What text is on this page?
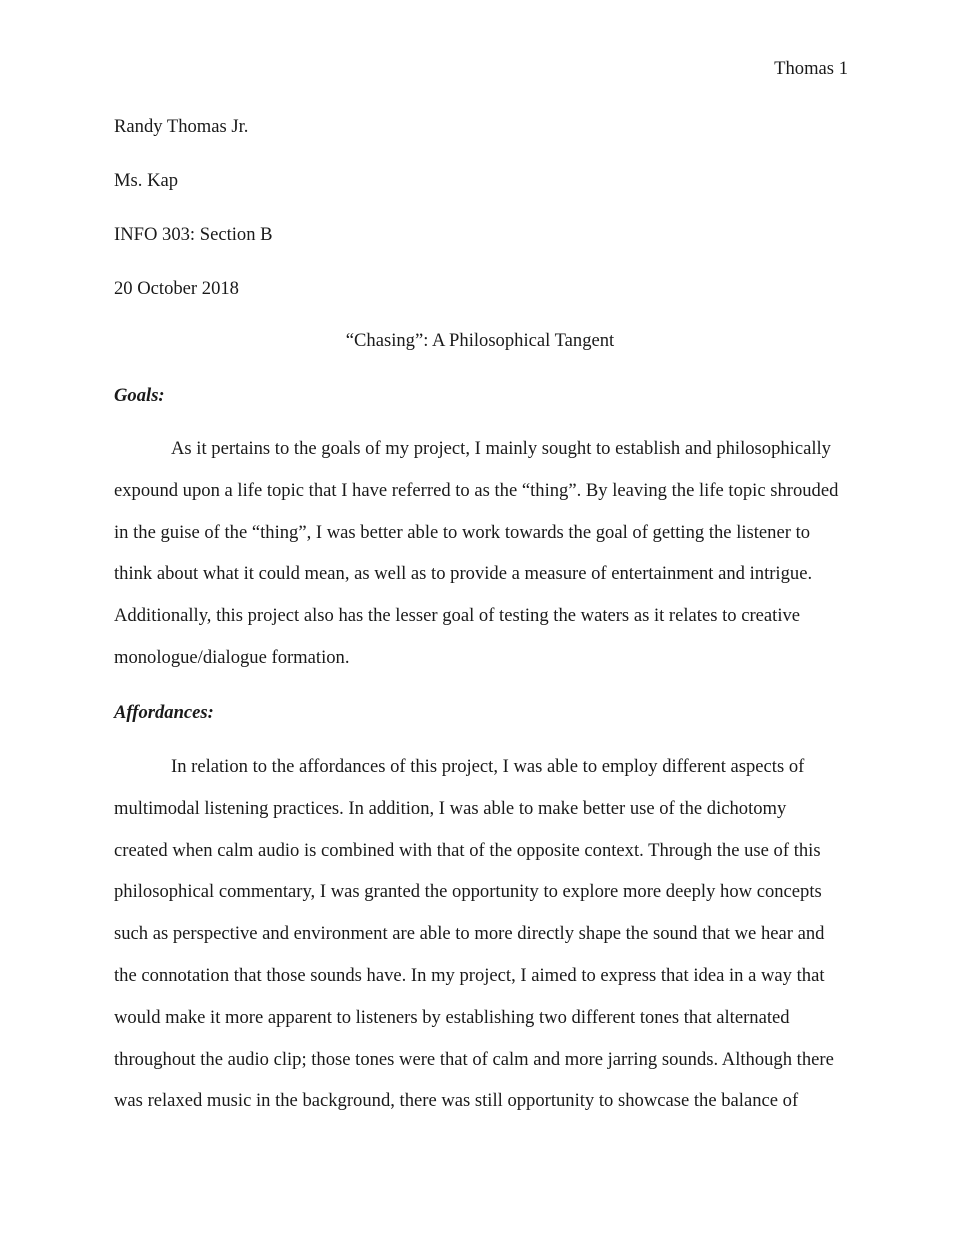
Thomas 1
Randy Thomas Jr.
Ms. Kap
INFO 303: Section B
20 October 2018
“Chasing”: A Philosophical Tangent
Goals:
As it pertains to the goals of my project, I mainly sought to establish and philosophically
expound upon a life topic that I have referred to as the “thing”. By leaving the life topic shrouded
in the guise of the “thing”, I was better able to work towards the goal of getting the listener to
think about what it could mean, as well as to provide a measure of entertainment and intrigue.
Additionally, this project also has the lesser goal of testing the waters as it relates to creative
monologue/dialogue formation.
Affordances:
In relation to the affordances of this project, I was able to employ different aspects of
multimodal listening practices. In addition, I was able to make better use of the dichotomy
created when calm audio is combined with that of the opposite context. Through the use of this
philosophical commentary, I was granted the opportunity to explore more deeply how concepts
such as perspective and environment are able to more directly shape the sound that we hear and
the connotation that those sounds have. In my project, I aimed to express that idea in a way that
would make it more apparent to listeners by establishing two different tones that alternated
throughout the audio clip; those tones were that of calm and more jarring sounds. Although there
was relaxed music in the background, there was still opportunity to showcase the balance of
